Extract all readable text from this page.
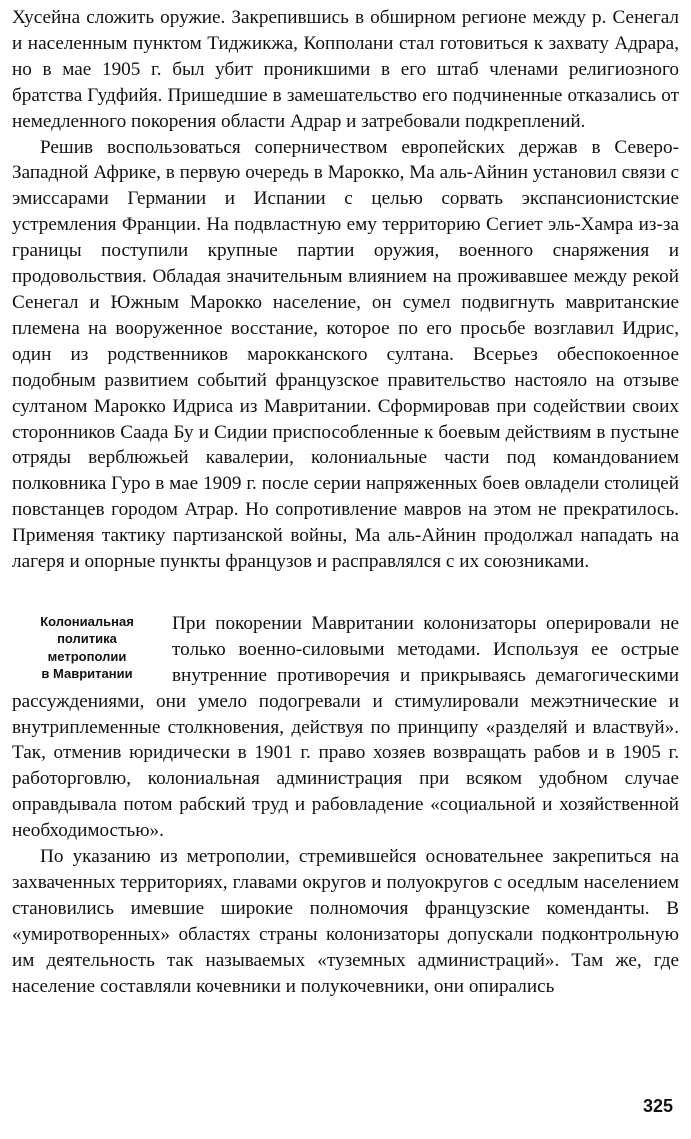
Хусейна сложить оружие. Закрепившись в обширном регионе между р. Сенегал и населенным пунктом Тиджикжа, Копполани стал готовиться к захвату Адрара, но в мае 1905 г. был убит проникшими в его штаб членами религиозного братства Гудфийя. Пришедшие в замешательство его подчиненные отказались от немедленного покорения области Адрар и затребовали подкреплений.

Решив воспользоваться соперничеством европейских держав в Северо-Западной Африке, в первую очередь в Марокко, Ма аль-Айнин установил связи с эмиссарами Германии и Испании с целью сорвать экспансионистские устремления Франции. На подвластную ему территорию Сегиет эль-Хамра из-за границы поступили крупные партии оружия, военного снаряжения и продовольствия. Обладая значительным влиянием на проживавшее между рекой Сенегал и Южным Марокко население, он сумел подвигнуть мавританские племена на вооруженное восстание, которое по его просьбе возглавил Идрис, один из родственников марокканского султана. Всерьез обеспокоенное подобным развитием событий французское правительство настояло на отзыве султаном Марокко Идриса из Мавритании. Сформировав при содействии своих сторонников Саада Бу и Сидии приспособленные к боевым действиям в пустыне отряды верблюжьей кавалерии, колониальные части под командованием полковника Гуро в мае 1909 г. после серии напряженных боев овладели столицей повстанцев городом Атрар. Но сопротивление мавров на этом не прекратилось. Применяя тактику партизанской войны, Ма аль-Айнин продолжал нападать на лагеря и опорные пункты французов и расправлялся с их союзниками.

Колониальная
политика
метрополии
в Мавритании

При покорении Мавритании колонизаторы оперировали не только военно-силовыми методами. Используя ее острые внутренние противоречия и прикрываясь демагогическими рассуждениями, они умело подогревали и стимулировали межэтнические и внутриплеменные столкновения, действуя по принципу «разделяй и властвуй». Так, отменив юридически в 1901 г. право хозяев возвращать рабов и в 1905 г. работорговлю, колониальная администрация при всяком удобном случае оправдывала потом рабский труд и рабовладение «социальной и хозяйственной необходимостью».

По указанию из метрополии, стремившейся основательнее закрепиться на захваченных территориях, главами округов и полуокругов с оседлым населением становились имевшие широкие полномочия французские коменданты. В «умиротворенных» областях страны колонизаторы допускали подконтрольную им деятельность так называемых «туземных администраций». Там же, где население составляли кочевники и полукочевники, они опирались

325
